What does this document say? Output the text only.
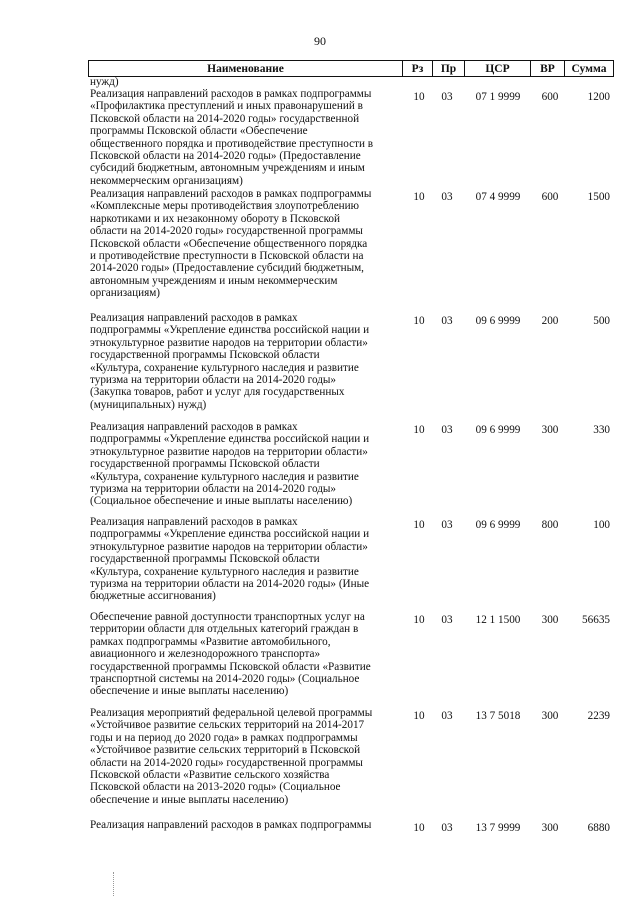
90
Наименование	Рз	Пр	ЦСР	ВР	Сумма
нужд)
Реализация направлений расходов в рамках подпрограммы
«Профилактика преступлений и иных правонарушений в
Псковской области на 2014-2020 годы» государственной
программы Псковской области «Обеспечение
общественного порядка и противодействие преступности в
Псковской области на 2014-2020 годы» (Предоставление
субсидий бюджетным, автономным учреждениям и иным
некоммерческим организациям)
10	03	07 1 9999	600	1200
Реализация направлений расходов в рамках подпрограммы
«Комплексные меры противодействия злоупотреблению
наркотиками и их незаконному обороту в Псковской
области на 2014-2020 годы» государственной программы
Псковской области «Обеспечение общественного порядка
и противодействие преступности в Псковской области на
2014-2020 годы» (Предоставление субсидий бюджетным,
автономным учреждениям и иным некоммерческим
организациям)
10	03	07 4 9999	600	1500
Реализация направлений расходов в рамках
подпрограммы «Укрепление единства российской нации и
этнокультурное развитие народов на территории области»
государственной программы Псковской области
«Культура, сохранение культурного наследия и развитие
туризма на территории области на 2014-2020 годы»
(Закупка товаров, работ и услуг для государственных
(муниципальных) нужд)
10	03	09 6 9999	200	500
Реализация направлений расходов в рамках
подпрограммы «Укрепление единства российской нации и
этнокультурное развитие народов на территории области»
государственной программы Псковской области
«Культура, сохранение культурного наследия и развитие
туризма на территории области на 2014-2020 годы»
(Социальное обеспечение и иные выплаты населению)
10	03	09 6 9999	300	330
Реализация направлений расходов в рамках
подпрограммы «Укрепление единства российской нации и
этнокультурное развитие народов на территории области»
государственной программы Псковской области
«Культура, сохранение культурного наследия и развитие
туризма на территории области на 2014-2020 годы» (Иные
бюджетные ассигнования)
10	03	09 6 9999	800	100
Обеспечение равной доступности транспортных услуг на
территории области для отдельных категорий граждан в
рамках подпрограммы «Развитие автомобильного,
авиационного и железнодорожного транспорта»
государственной программы Псковской области «Развитие
транспортной системы на 2014-2020 годы» (Социальное
обеспечение и иные выплаты населению)
10	03	12 1 1500	300	56635
Реализация мероприятий федеральной целевой программы
«Устойчивое развитие сельских территорий на 2014-2017
годы и на период до 2020 года» в рамках подпрограммы
«Устойчивое развитие сельских территорий в Псковской
области на 2014-2020 годы» государственной программы
Псковской области «Развитие сельского хозяйства
Псковской области на 2013-2020 годы» (Социальное
обеспечение и иные выплаты населению)
10	03	13 7 5018	300	2239
Реализация направлений расходов в рамках подпрограммы	10	03	13 7 9999	300	6880
